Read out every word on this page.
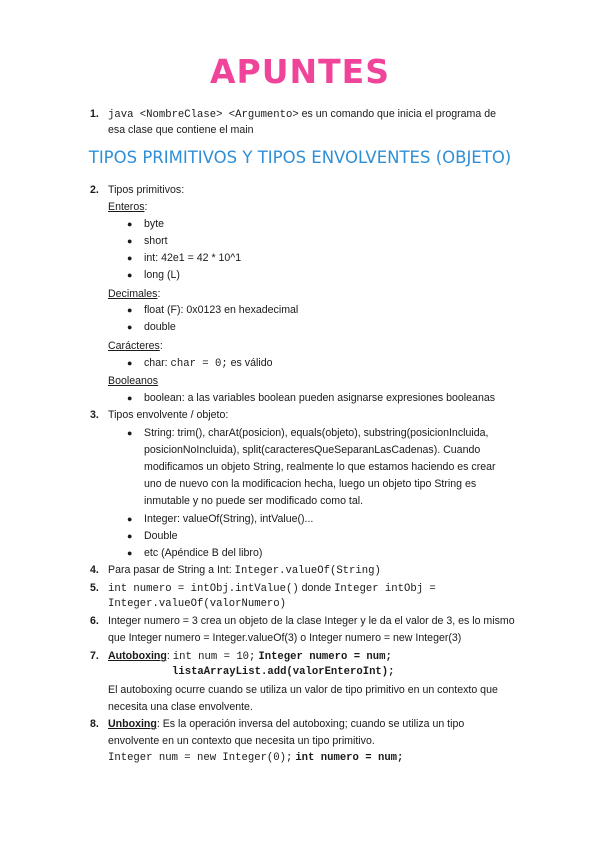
APUNTES
1. java <NombreClase> <Argumento> es un comando que inicia el programa de
esa clase que contiene el main
TIPOS PRIMITIVOS Y TIPOS ENVOLVENTES (OBJETO)
2. Tipos primitivos:
Enteros:
● byte
● short
● int: 42e1 = 42 * 10^1
● long (L)
Decimales:
● float (F): 0x0123 en hexadecimal
● double
Carácteres:
● char: char = 0; es válido
Booleanos
● boolean: a las variables boolean pueden asignarse expresiones booleanas
3. Tipos envolvente / objeto:
● String: trim(), charAt(posicion), equals(objeto), substring(posicionIncluida,
posicionNoIncluida), split(caracteresQueSeparanLasCadenas). Cuando
modificamos un objeto String, realmente lo que estamos haciendo es crear
uno de nuevo con la modificacion hecha, luego un objeto tipo String es
inmutable y no puede ser modificado como tal.
● Integer: valueOf(String), intValue()...
● Double
● etc (Apéndice B del libro)
4. Para pasar de String a Int: Integer.valueOf(String)
5. int numero = intObj.intValue() donde Integer intObj =
Integer.valueOf(valorNumero)
6. Integer numero = 3 crea un objeto de la clase Integer y le da el valor de 3, es lo mismo
que Integer numero = Integer.valueOf(3) o Integer numero = new Integer(3)
7. Autoboxing: int num = 10; Integer numero = num;
listaArrayList.add(valorEnteroInt);
El autoboxing ocurre cuando se utiliza un valor de tipo primitivo en un contexto que
necesita una clase envolvente.
8. Unboxing: Es la operación inversa del autoboxing; cuando se utiliza un tipo
envolvente en un contexto que necesita un tipo primitivo.
Integer num = new Integer(0); int numero = num;
